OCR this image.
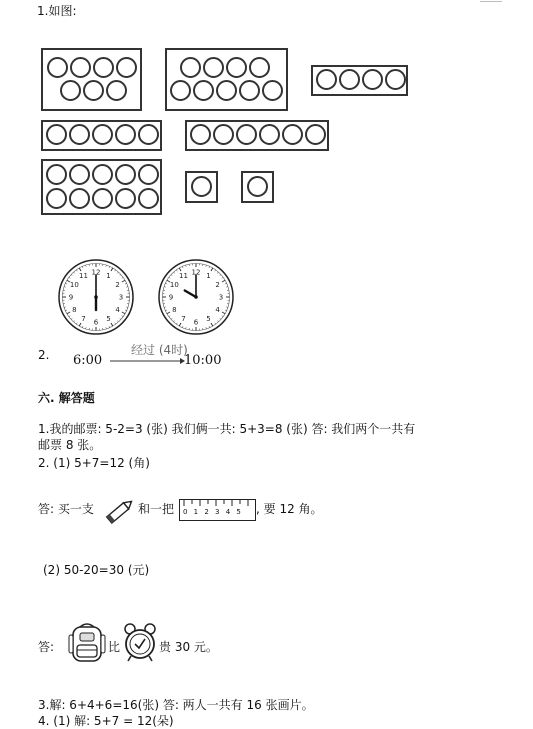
1.如图:
12 1
2
3
4
5
6
7
8
9
10
11	12 1
2
3
4
5
6
7
8
9
10
11
2. 6:00
经过 (4时)
10:00
六. 解答题
1.我的邮票: 5-2=3 (张) 我们俩一共: 5+3=8 (张) 答: 我们两个一共有
邮票 8 张。
2. (1) 5+7=12 (角)
答: 买一支	和一把 0 1 2 3 4 5 , 要 12 角。
(2) 50-20=30 (元)
答:	比	贵 30 元。
3.解: 6+4+6=16(张) 答: 两人一共有 16 张画片。
4. (1) 解: 5+7 = 12(朵)
